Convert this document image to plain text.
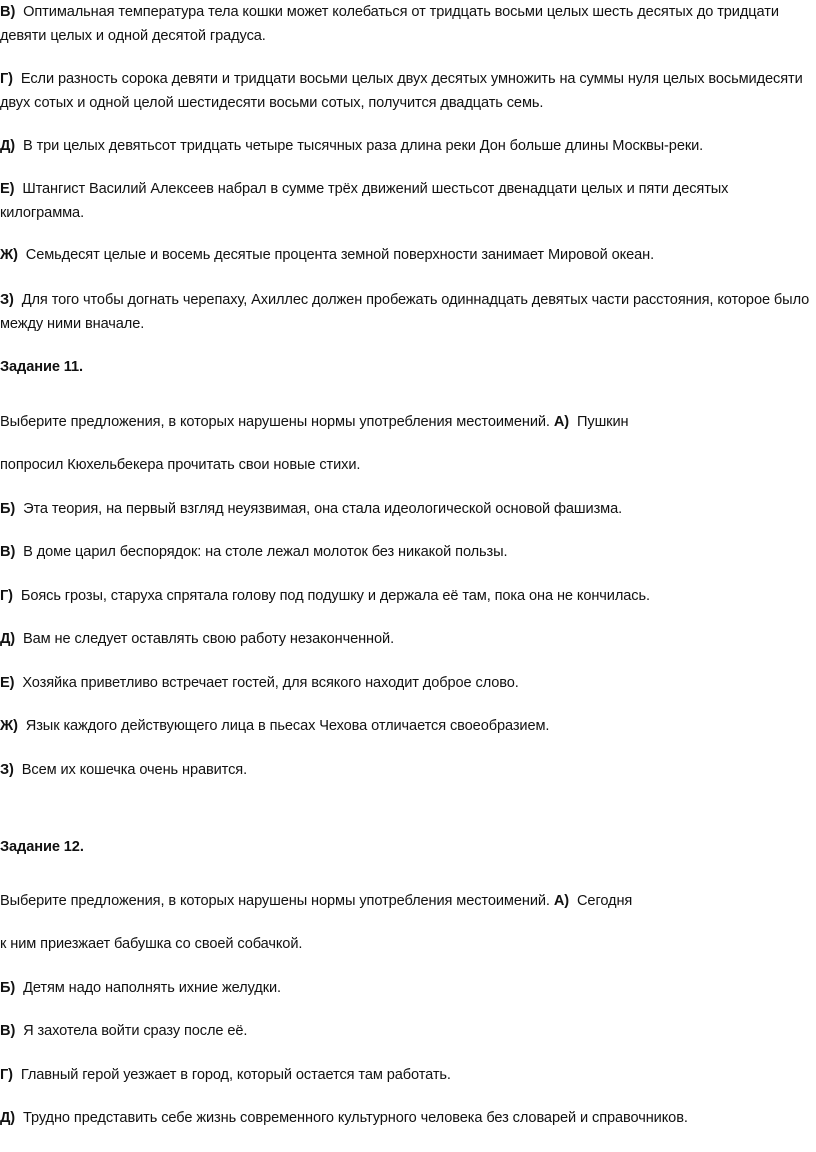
В) Оптимальная температура тела кошки может колебаться от тридцать восьми целых шесть десятых до тридцати девяти целых и одной десятой градуса.
Г) Если разность сорока девяти и тридцати восьми целых двух десятых умножить на суммы нуля целых восьмидесяти двух сотых и одной целой шестидесяти восьми сотых, получится двадцать семь.
Д) В три целых девятьсот тридцать четыре тысячных раза длина реки Дон больше длины Москвы-реки.
Е) Штангист Василий Алексеев набрал в сумме трёх движений шестьсот двенадцати целых и пяти десятых килограмма.
Ж) Семьдесят целые и восемь десятые процента земной поверхности занимает Мировой океан.
З) Для того чтобы догнать черепаху, Ахиллес должен пробежать одиннадцать девятых части расстояния, которое было между ними вначале.
Задание 11.
Выберите предложения, в которых нарушены нормы употребления местоимений. А) Пушкин
попросил Кюхельбекера прочитать свои новые стихи.
Б) Эта теория, на первый взгляд неуязвимая, она стала идеологической основой фашизма.
В) В доме царил беспорядок: на столе лежал молоток без никакой пользы.
Г) Боясь грозы, старуха спрятала голову под подушку и держала её там, пока она не кончилась.
Д) Вам не следует оставлять свою работу незаконченной.
Е) Хозяйка приветливо встречает гостей, для всякого находит доброе слово.
Ж) Язык каждого действующего лица в пьесах Чехова отличается своеобразием.
З) Всем их кошечка очень нравится.
Задание 12.
Выберите предложения, в которых нарушены нормы употребления местоимений. А) Сегодня
к ним приезжает бабушка со своей собачкой.
Б) Детям надо наполнять ихние желудки.
В) Я захотела войти сразу после её.
Г) Главный герой уезжает в город, который остается там работать.
Д) Трудно представить себе жизнь современного культурного человека без словарей и справочников.
